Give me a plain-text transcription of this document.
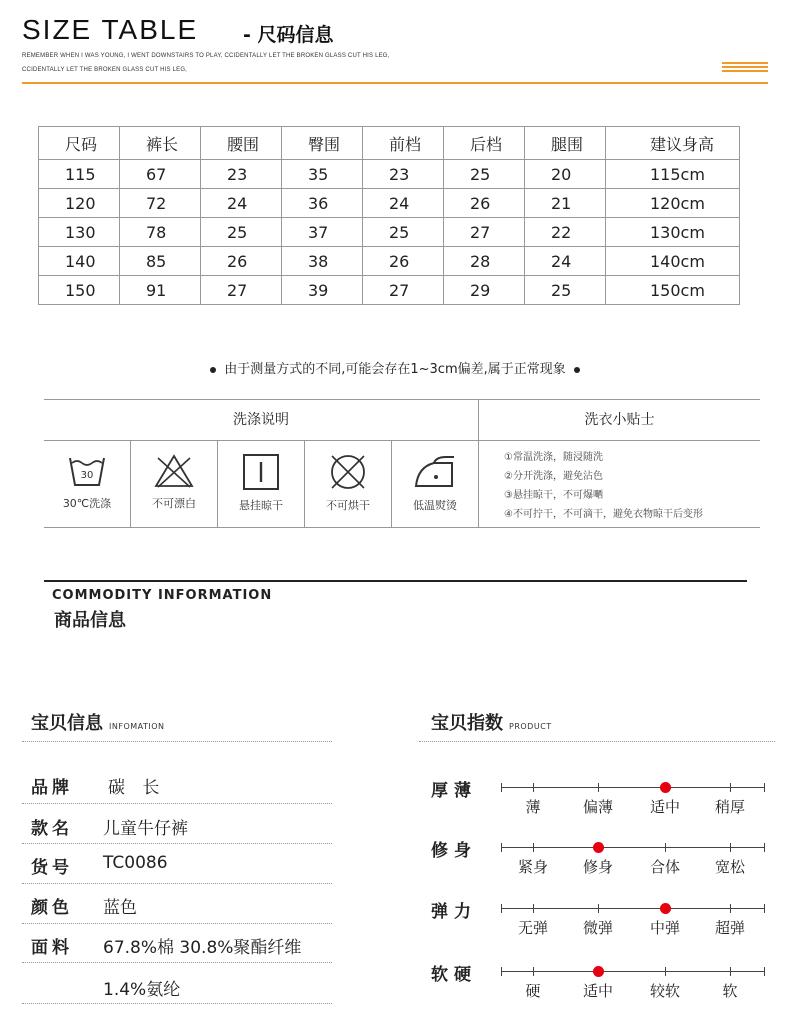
SIZE TABLE - 尺码信息
REMEMBER WHEN I WAS YOUNG, I WENT DOWNSTAIRS TO PLAY, CCIDENTALLY LET THE BROKEN GLASS CUT HIS LEG,
CCIDENTALLY LET THE BROKEN GLASS CUT HIS LEG,
尺码	裤长	腰围	臀围	前档	后档	腿围	建议身高
115	67	23	35	23	25	20	115cm
120	72	24	36	24	26	21	120cm
130	78	25	37	25	27	22	130cm
140	85	26	38	26	28	24	140cm
150	91	27	39	27	29	25	150cm
由于测量方式的不同,可能会存在1~3cm偏差,属于正常现象
洗涤说明	洗衣小贴士
30
30℃洗涤	不可漂白	悬挂晾干	不可烘干	低温熨烫
①常温洗涤，随浸随洗
②分开洗涤，避免沾色
③悬挂晾干，不可爆嗮
④不可拧干，不可滴干，避免衣物晾干后变形
COMMODITY INFORMATION
商品信息
宝贝信息 INFOMATION
品牌 碳 长
款名 儿童牛仔裤
货号 TC0086
颜色 蓝色
面料 67.8%棉 30.8%聚酯纤维
1.4%氨纶
宝贝指数 PRODUCT
厚薄
薄	偏薄	适中	稍厚
修身
紧身	修身	合体	宽松
弹力
无弹	微弹	中弹	超弹
软硬
硬	适中	较软	软
